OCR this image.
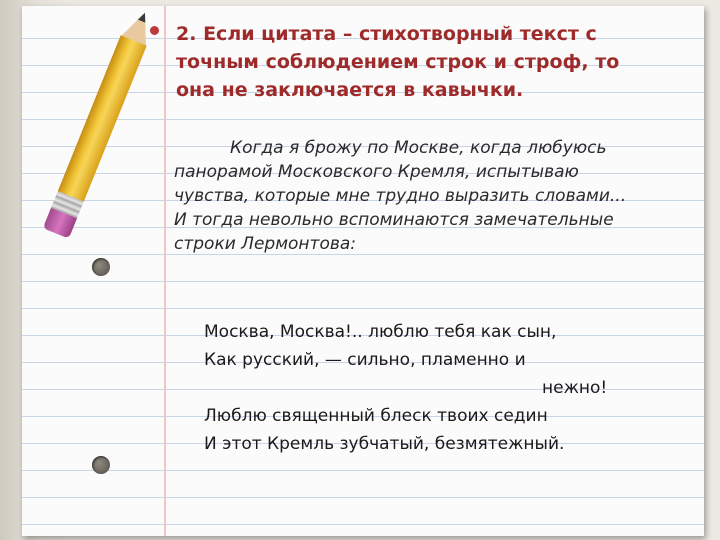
2. Если цитата – стихотворный текст с точным соблюдением строк и строф, то она не заключается в кавычки.

Когда я брожу по Москве, когда любуюсь панорамой Московского Кремля, испытываю чувства, которые мне трудно выразить словами... И тогда невольно вспоминаются замечательные строки Лермонтова:

Москва, Москва!.. люблю тебя как сын,
Как русский, — сильно, пламенно и
нежно!
Люблю священный блеск твоих седин
И этот Кремль зубчатый, безмятежный.
